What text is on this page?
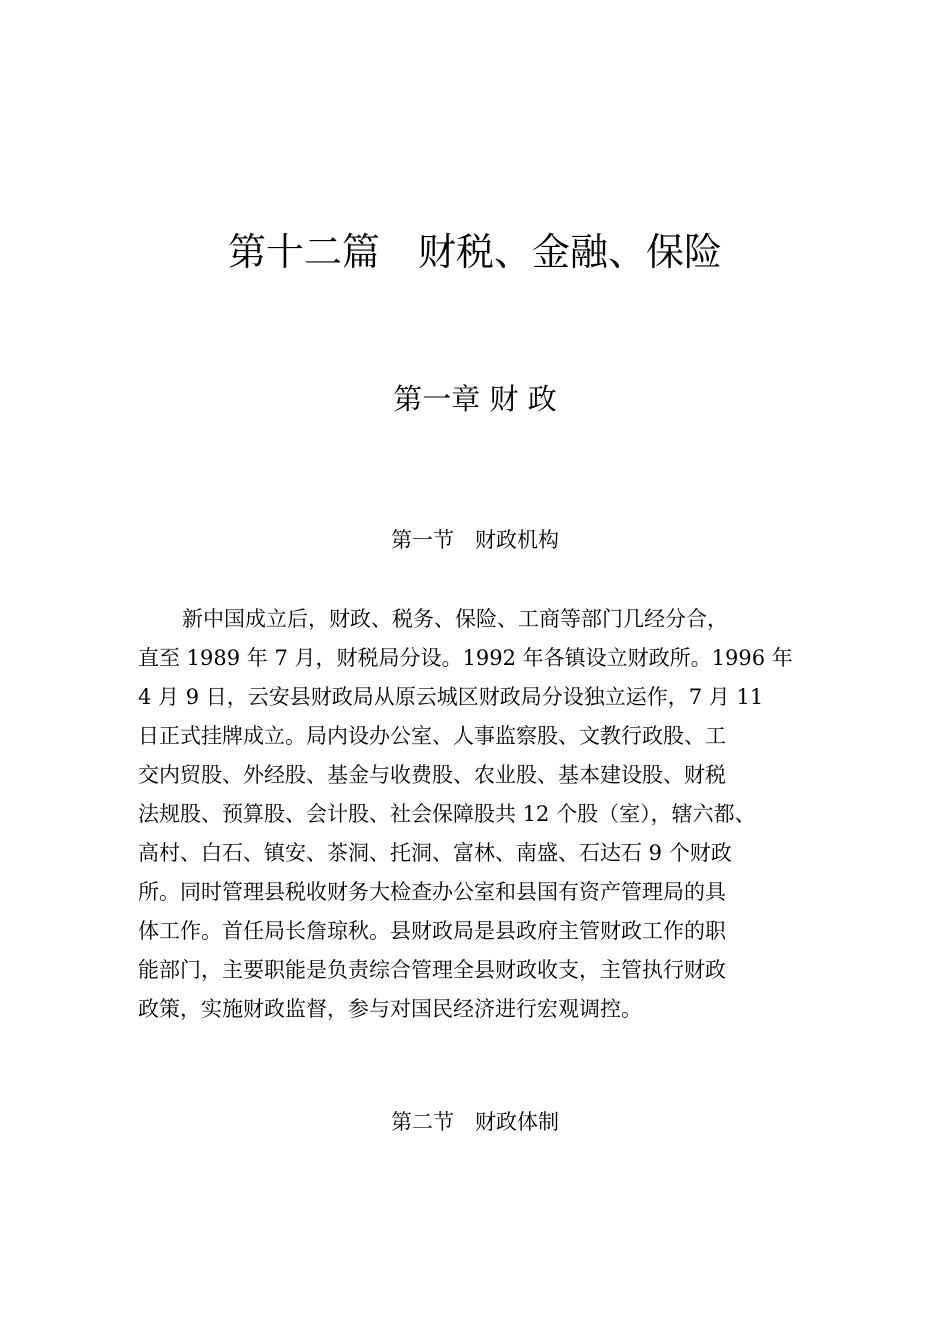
第十二篇　财税、金融、保险
第一章 财 政
第一节　财政机构
新中国成立后，财政、税务、保险、工商等部门几经分合，
直至 1989 年 7 月，财税局分设。1992 年各镇设立财政所。1996 年
4 月 9 日，云安县财政局从原云城区财政局分设独立运作，7 月 11
日正式挂牌成立。局内设办公室、人事监察股、文教行政股、工
交内贸股、外经股、基金与收费股、农业股、基本建设股、财税
法规股、预算股、会计股、社会保障股共 12 个股（室），辖六都、
高村、白石、镇安、茶洞、托洞、富林、南盛、石达石 9 个财政
所。同时管理县税收财务大检查办公室和县国有资产管理局的具
体工作。首任局长詹琼秋。县财政局是县政府主管财政工作的职
能部门，主要职能是负责综合管理全县财政收支，主管执行财政
政策，实施财政监督，参与对国民经济进行宏观调控。
第二节　财政体制
